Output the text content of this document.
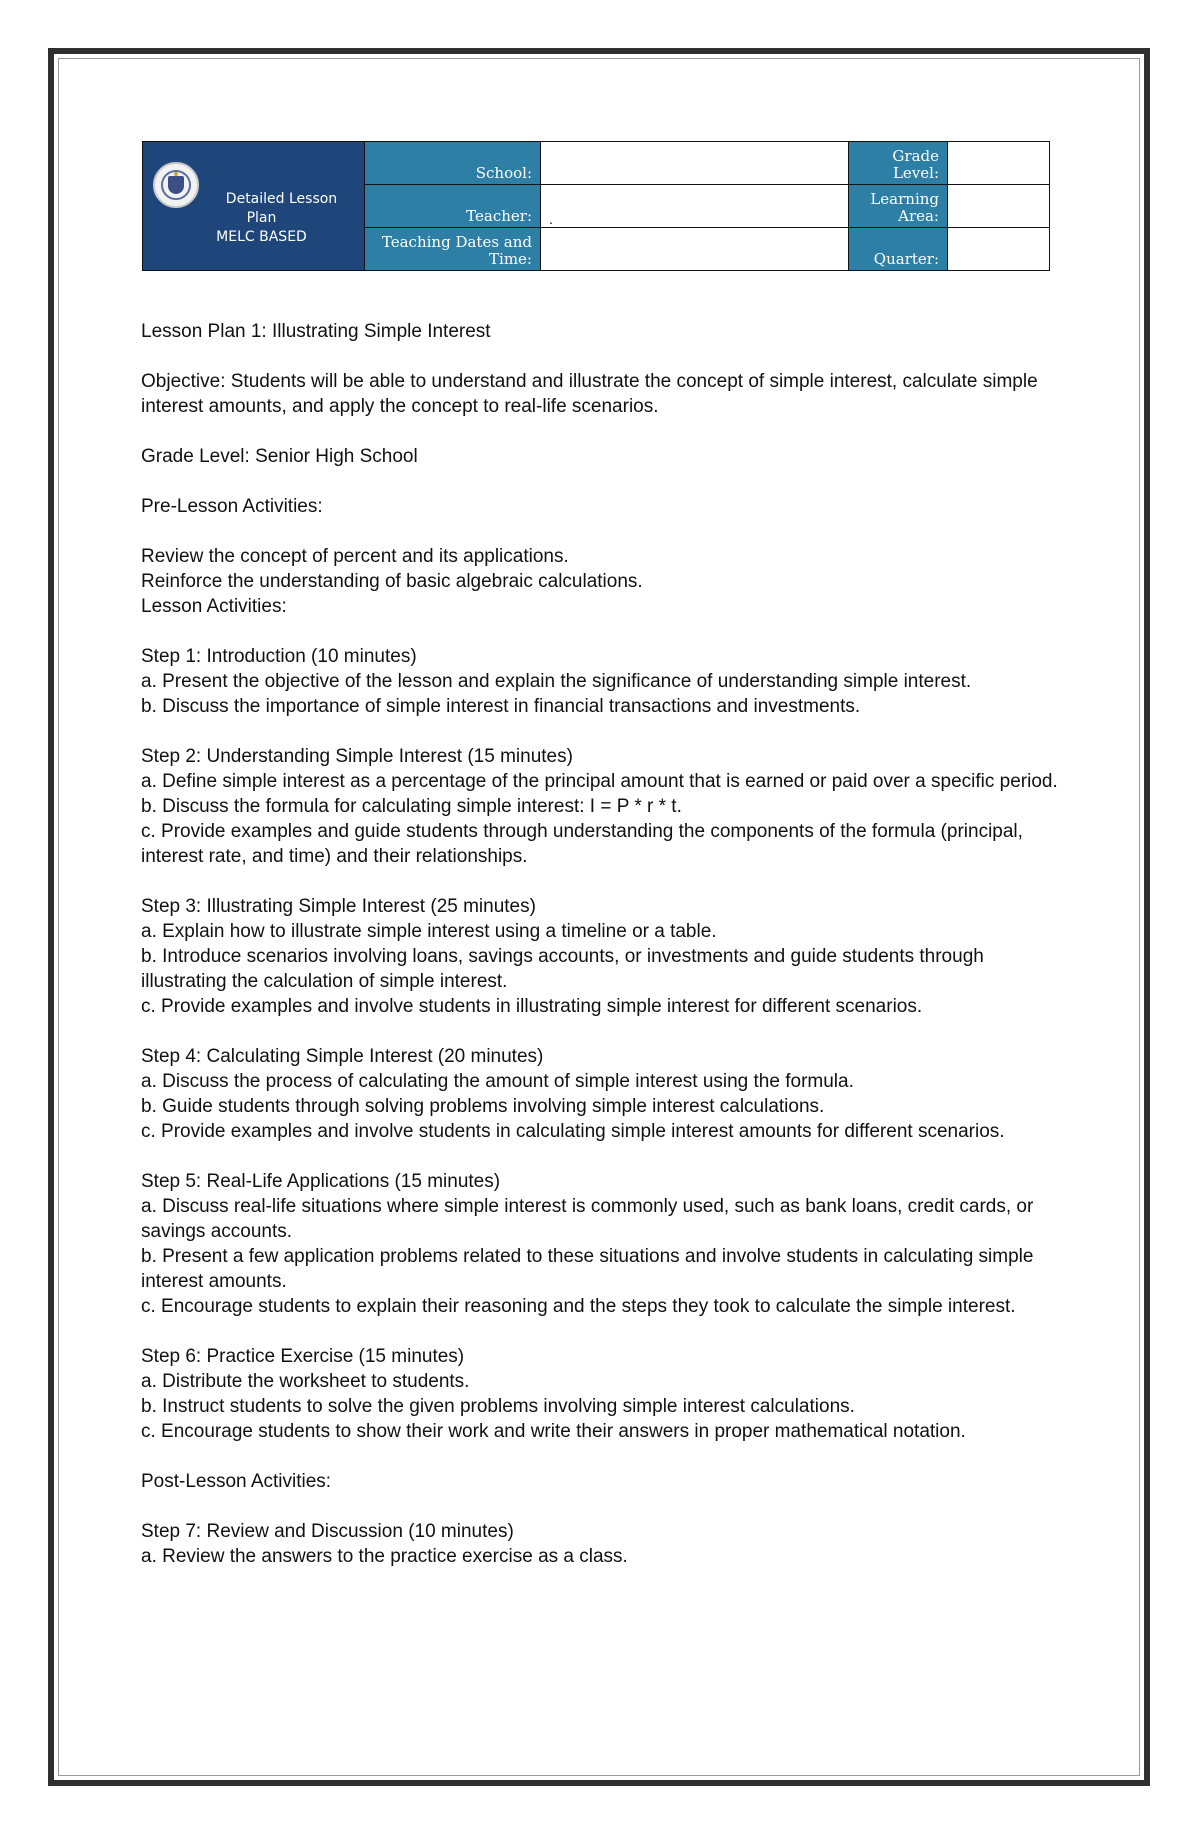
Detailed Lesson
Plan
MELC BASED	School:		Grade Level:	
	Teacher:	.	Learning Area:	
	Teaching Dates and Time:		Quarter:	

Lesson Plan 1: Illustrating Simple Interest

Objective: Students will be able to understand and illustrate the concept of simple interest, calculate simple interest amounts, and apply the concept to real-life scenarios.

Grade Level: Senior High School

Pre-Lesson Activities:

Review the concept of percent and its applications.

Reinforce the understanding of basic algebraic calculations.

Lesson Activities:

Step 1: Introduction (10 minutes)

a. Present the objective of the lesson and explain the significance of understanding simple interest.

b. Discuss the importance of simple interest in financial transactions and investments.

Step 2: Understanding Simple Interest (15 minutes)

a. Define simple interest as a percentage of the principal amount that is earned or paid over a specific period.

b. Discuss the formula for calculating simple interest: I = P * r * t.

c. Provide examples and guide students through understanding the components of the formula (principal, interest rate, and time) and their relationships.

Step 3: Illustrating Simple Interest (25 minutes)

a. Explain how to illustrate simple interest using a timeline or a table.

b. Introduce scenarios involving loans, savings accounts, or investments and guide students through illustrating the calculation of simple interest.

c. Provide examples and involve students in illustrating simple interest for different scenarios.

Step 4: Calculating Simple Interest (20 minutes)

a. Discuss the process of calculating the amount of simple interest using the formula.

b. Guide students through solving problems involving simple interest calculations.

c. Provide examples and involve students in calculating simple interest amounts for different scenarios.

Step 5: Real-Life Applications (15 minutes)

a. Discuss real-life situations where simple interest is commonly used, such as bank loans, credit cards, or savings accounts.

b. Present a few application problems related to these situations and involve students in calculating simple interest amounts.

c. Encourage students to explain their reasoning and the steps they took to calculate the simple interest.

Step 6: Practice Exercise (15 minutes)

a. Distribute the worksheet to students.

b. Instruct students to solve the given problems involving simple interest calculations.

c. Encourage students to show their work and write their answers in proper mathematical notation.

Post-Lesson Activities:

Step 7: Review and Discussion (10 minutes)

a. Review the answers to the practice exercise as a class.
